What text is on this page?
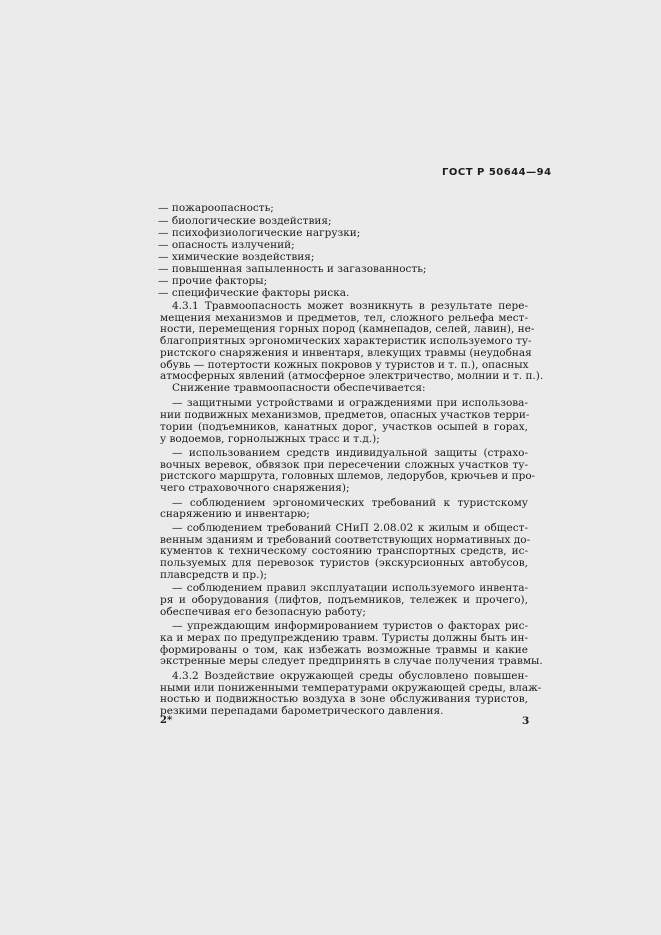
ГОСТ Р 50644—94
— пожароопасность;
— биологические воздействия;
— психофизиологические нагрузки;
— опасность излучений;
— химические воздействия;
— повышенная запыленность и загазованность;
— прочие факторы;
— специфические факторы риска.
4.3.1 Травмоопасность может возникнуть в результате пере-
мещения механизмов и предметов, тел, сложного рельефа мест-
ности, перемещения горных пород (камнепадов, селей, лавин), не-
благоприятных эргономических характеристик используемого ту-
ристского снаряжения и инвентаря, влекущих травмы (неудобная
обувь — потертости кожных покровов у туристов и т. п.), опасных
атмосферных явлений (атмосферное электричество, молнии и т. п.).
Снижение травмоопасности обеспечивается:
— защитными устройствами и ограждениями при использова-
нии подвижных механизмов, предметов, опасных участков терри-
тории (подъемников, канатных дорог, участков осыпей в горах,
у водоемов, горнолыжных трасс и т.д.);
— использованием средств индивидуальной защиты (страхо-
вочных веревок, обвязок при пересечении сложных участков ту-
ристского маршрута, головных шлемов, ледорубов, крючьев и про-
чего страховочного снаряжения);
— соблюдением эргономических требований к туристскому
снаряжению и инвентарю;
— соблюдением требований СНиП 2.08.02 к жилым и общест-
венным зданиям и требований соответствующих нормативных до-
кументов к техническому состоянию транспортных средств, ис-
пользуемых для перевозок туристов (экскурсионных автобусов,
плавсредств и пр.);
— соблюдением правил эксплуатации используемого инвента-
ря и оборудования (лифтов, подъемников, тележек и прочего),
обеспечивая его безопасную работу;
— упреждающим информированием туристов о факторах рис-
ка и мерах по предупреждению травм. Туристы должны быть ин-
формированы о том, как избежать возможные травмы и какие
экстренные меры следует предпринять в случае получения травмы.
4.3.2 Воздействие окружающей среды обусловлено повышен-
ными или пониженными температурами окружающей среды, влаж-
ностью и подвижностью воздуха в зоне обслуживания туристов,
резкими перепадами барометрического давления.
2*	3
